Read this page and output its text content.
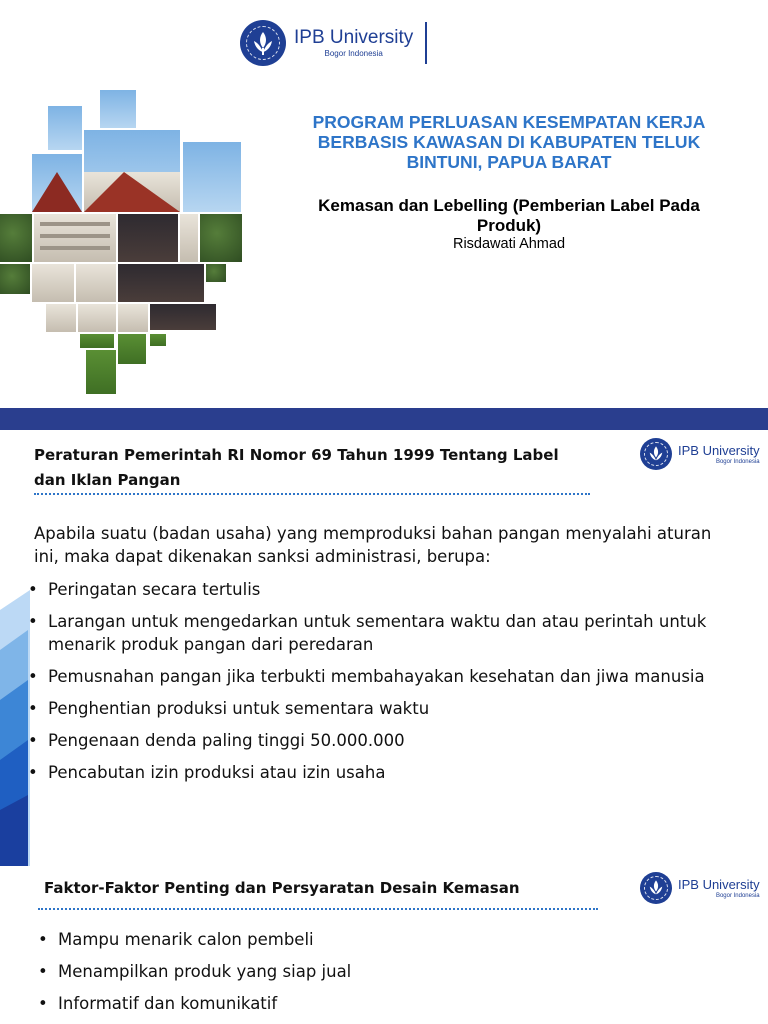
IPB University
Bogor Indonesia
PROGRAM PERLUASAN KESEMPATAN KERJA BERBASIS KAWASAN DI KABUPATEN TELUK BINTUNI, PAPUA BARAT
Kemasan dan Lebelling (Pemberian Label Pada Produk)
Risdawati Ahmad
Peraturan Pemerintah RI Nomor 69 Tahun 1999 Tentang Label dan Iklan Pangan
IPB University
Bogor Indonesia
Apabila suatu (badan usaha) yang memproduksi bahan pangan menyalahi aturan ini, maka dapat dikenakan sanksi administrasi, berupa:
• Peringatan secara tertulis
• Larangan untuk mengedarkan untuk sementara waktu dan atau perintah untuk menarik produk pangan dari peredaran
• Pemusnahan pangan jika terbukti membahayakan kesehatan dan jiwa manusia
• Penghentian produksi untuk sementara waktu
• Pengenaan denda paling tinggi 50.000.000
• Pencabutan izin produksi atau izin usaha
Faktor-Faktor Penting dan Persyaratan Desain Kemasan	IPB University
Bogor Indonesia
• Mampu menarik calon pembeli
• Menampilkan produk yang siap jual
• Informatif dan komunikatif
